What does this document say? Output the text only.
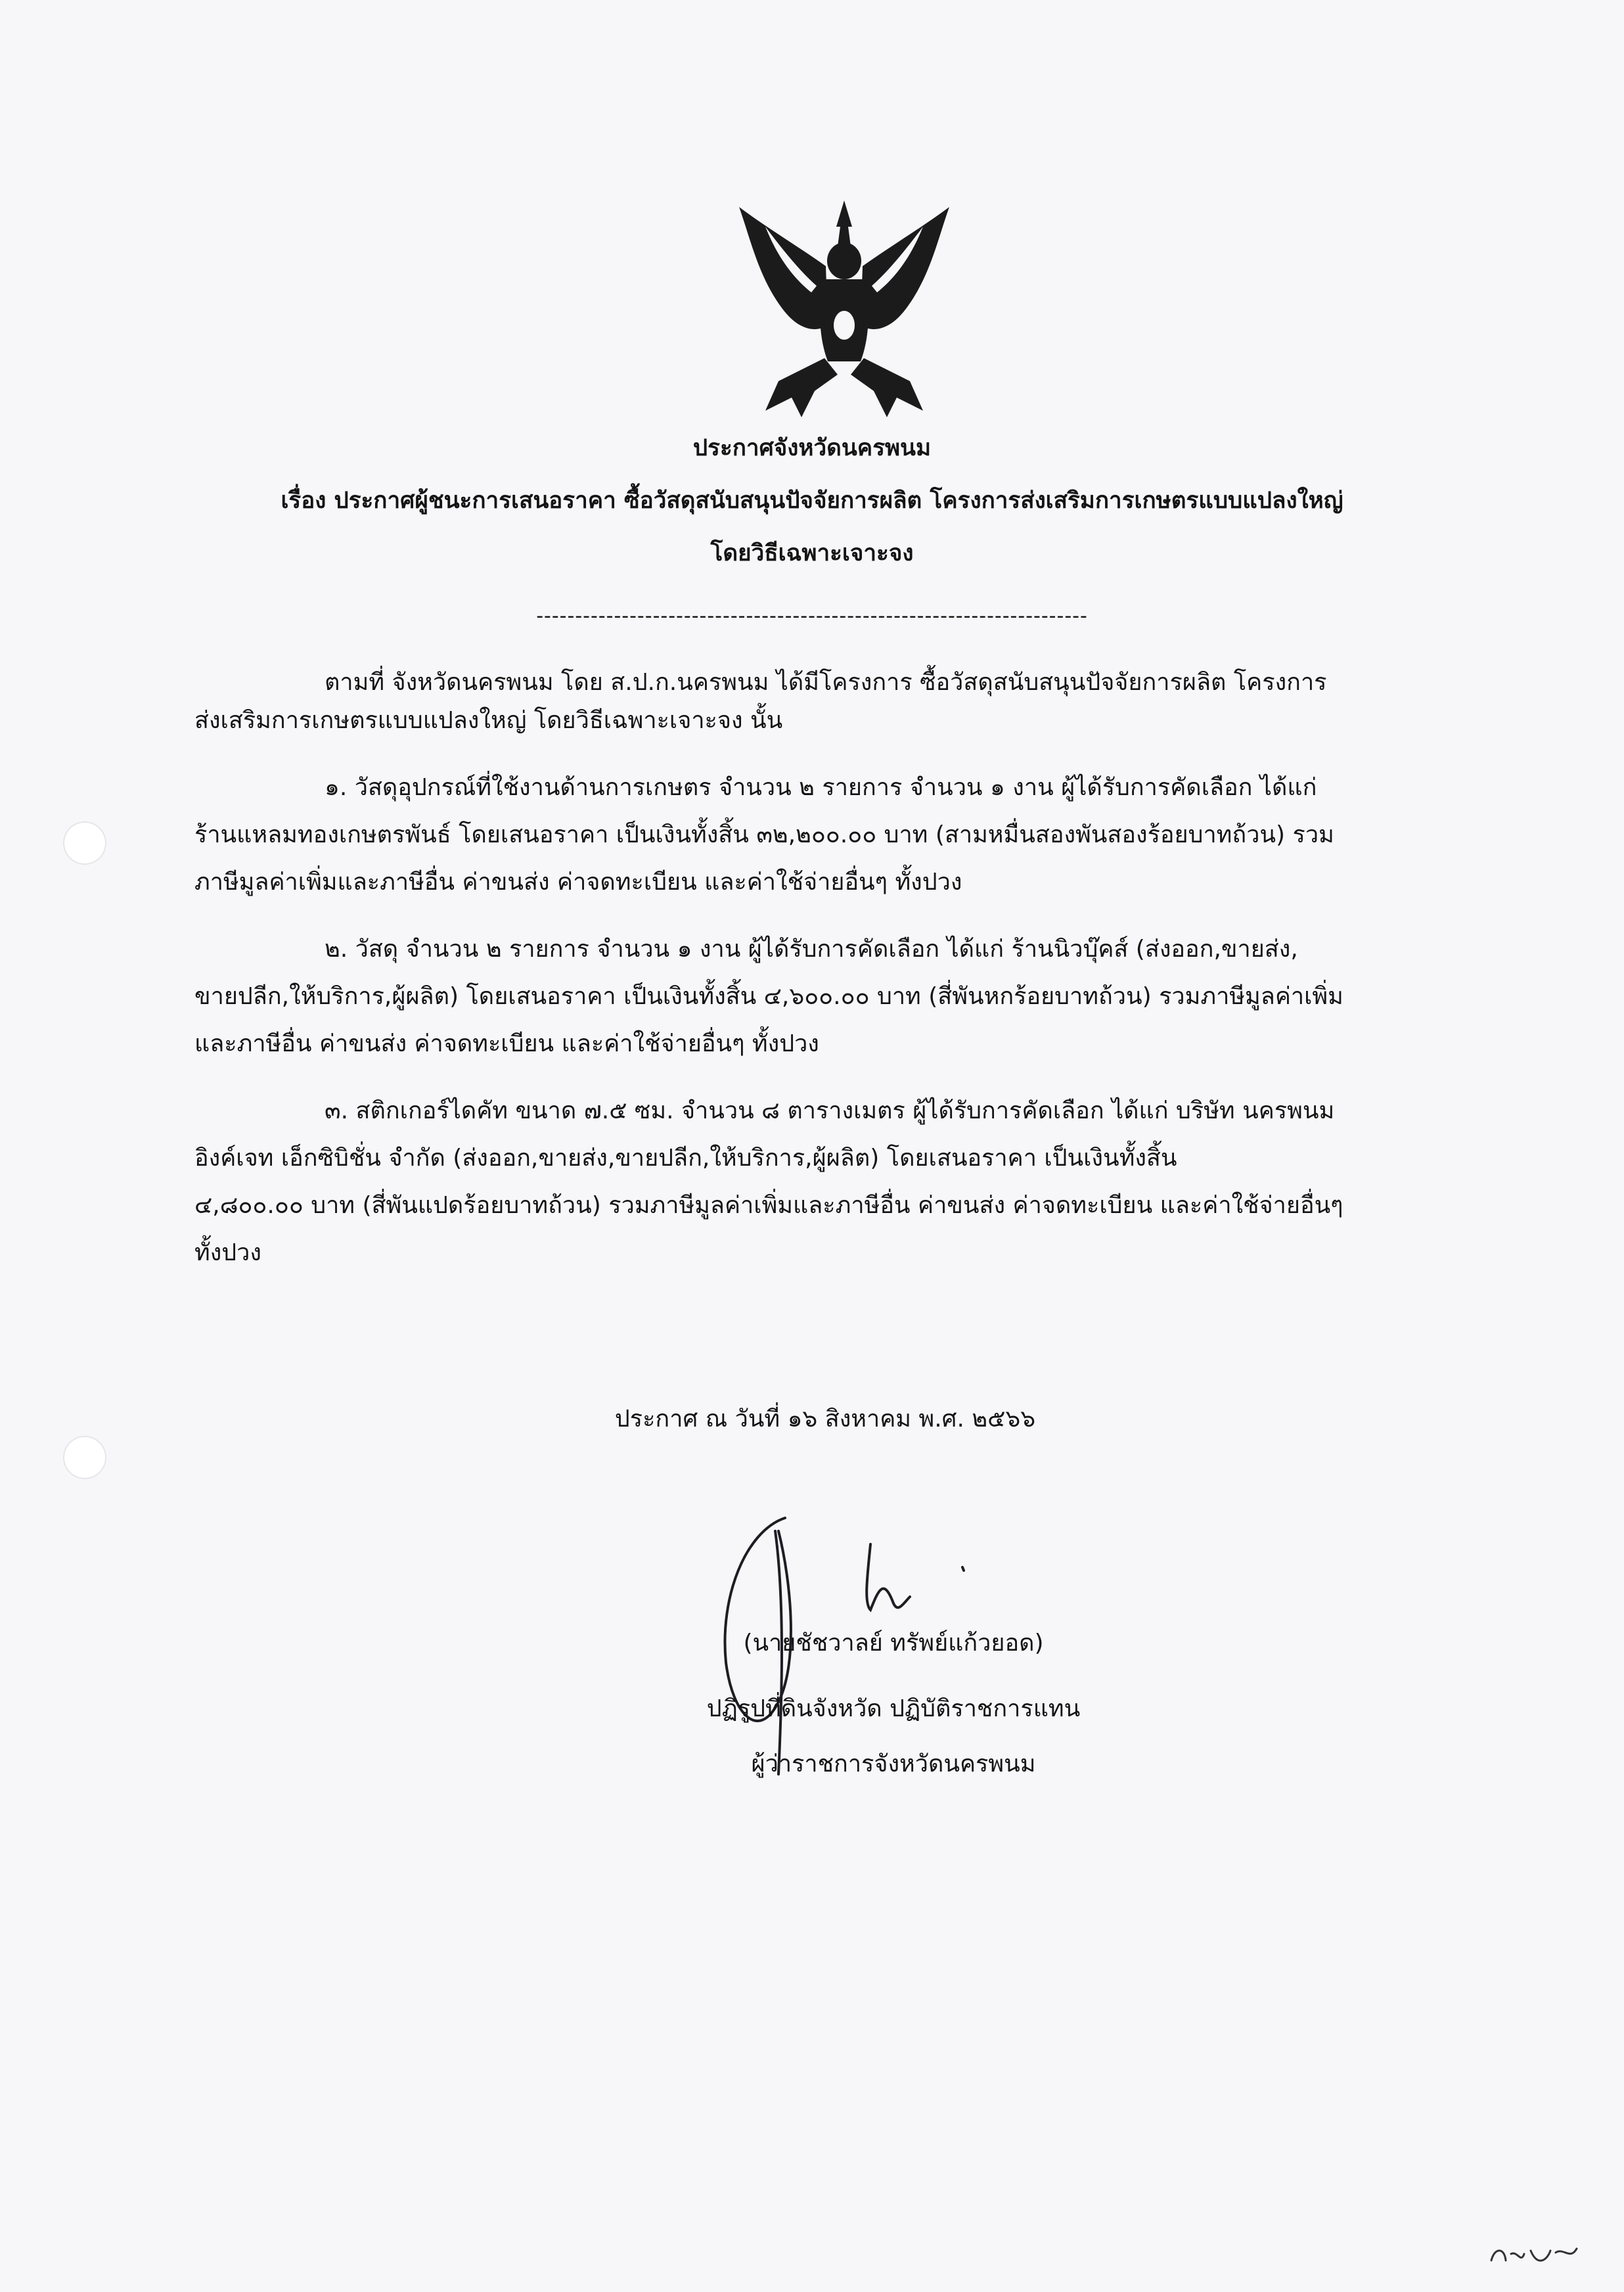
ประกาศจังหวัดนครพนม
เรื่อง ประกาศผู้ชนะการเสนอราคา ซื้อวัสดุสนับสนุนปัจจัยการผลิต โครงการส่งเสริมการเกษตรแบบแปลงใหญ่
โดยวิธีเฉพาะเจาะจง
-----------------------------------------------------------------------
ตามที่ จังหวัดนครพนม โดย ส.ป.ก.นครพนม ได้มีโครงการ ซื้อวัสดุสนับสนุนปัจจัยการผลิต โครงการ
ส่งเสริมการเกษตรแบบแปลงใหญ่ โดยวิธีเฉพาะเจาะจง นั้น
๑. วัสดุอุปกรณ์ที่ใช้งานด้านการเกษตร จำนวน ๒ รายการ จำนวน ๑ งาน ผู้ได้รับการคัดเลือก ได้แก่
ร้านแหลมทองเกษตรพันธ์ โดยเสนอราคา เป็นเงินทั้งสิ้น ๓๒,๒๐๐.๐๐ บาท (สามหมื่นสองพันสองร้อยบาทถ้วน) รวม
ภาษีมูลค่าเพิ่มและภาษีอื่น ค่าขนส่ง ค่าจดทะเบียน และค่าใช้จ่ายอื่นๆ ทั้งปวง
๒. วัสดุ จำนวน ๒ รายการ จำนวน ๑ งาน ผู้ได้รับการคัดเลือก ได้แก่ ร้านนิวบุ๊คส์ (ส่งออก,ขายส่ง,
ขายปลีก,ให้บริการ,ผู้ผลิต) โดยเสนอราคา เป็นเงินทั้งสิ้น ๔,๖๐๐.๐๐ บาท (สี่พันหกร้อยบาทถ้วน) รวมภาษีมูลค่าเพิ่ม
และภาษีอื่น ค่าขนส่ง ค่าจดทะเบียน และค่าใช้จ่ายอื่นๆ ทั้งปวง
๓. สติกเกอร์ไดคัท ขนาด ๗.๕ ซม. จำนวน ๘ ตารางเมตร ผู้ได้รับการคัดเลือก ได้แก่ บริษัท นครพนม
อิงค์เจท เอ็กซิบิชั่น จำกัด (ส่งออก,ขายส่ง,ขายปลีก,ให้บริการ,ผู้ผลิต) โดยเสนอราคา เป็นเงินทั้งสิ้น
๔,๘๐๐.๐๐ บาท (สี่พันแปดร้อยบาทถ้วน) รวมภาษีมูลค่าเพิ่มและภาษีอื่น ค่าขนส่ง ค่าจดทะเบียน และค่าใช้จ่ายอื่นๆ
ทั้งปวง
ประกาศ ณ วันที่ ๑๖ สิงหาคม พ.ศ. ๒๕๖๖
(นายชัชวาลย์ ทรัพย์แก้วยอด)
ปฏิรูปที่ดินจังหวัด ปฏิบัติราชการแทน
ผู้ว่าราชการจังหวัดนครพนม
